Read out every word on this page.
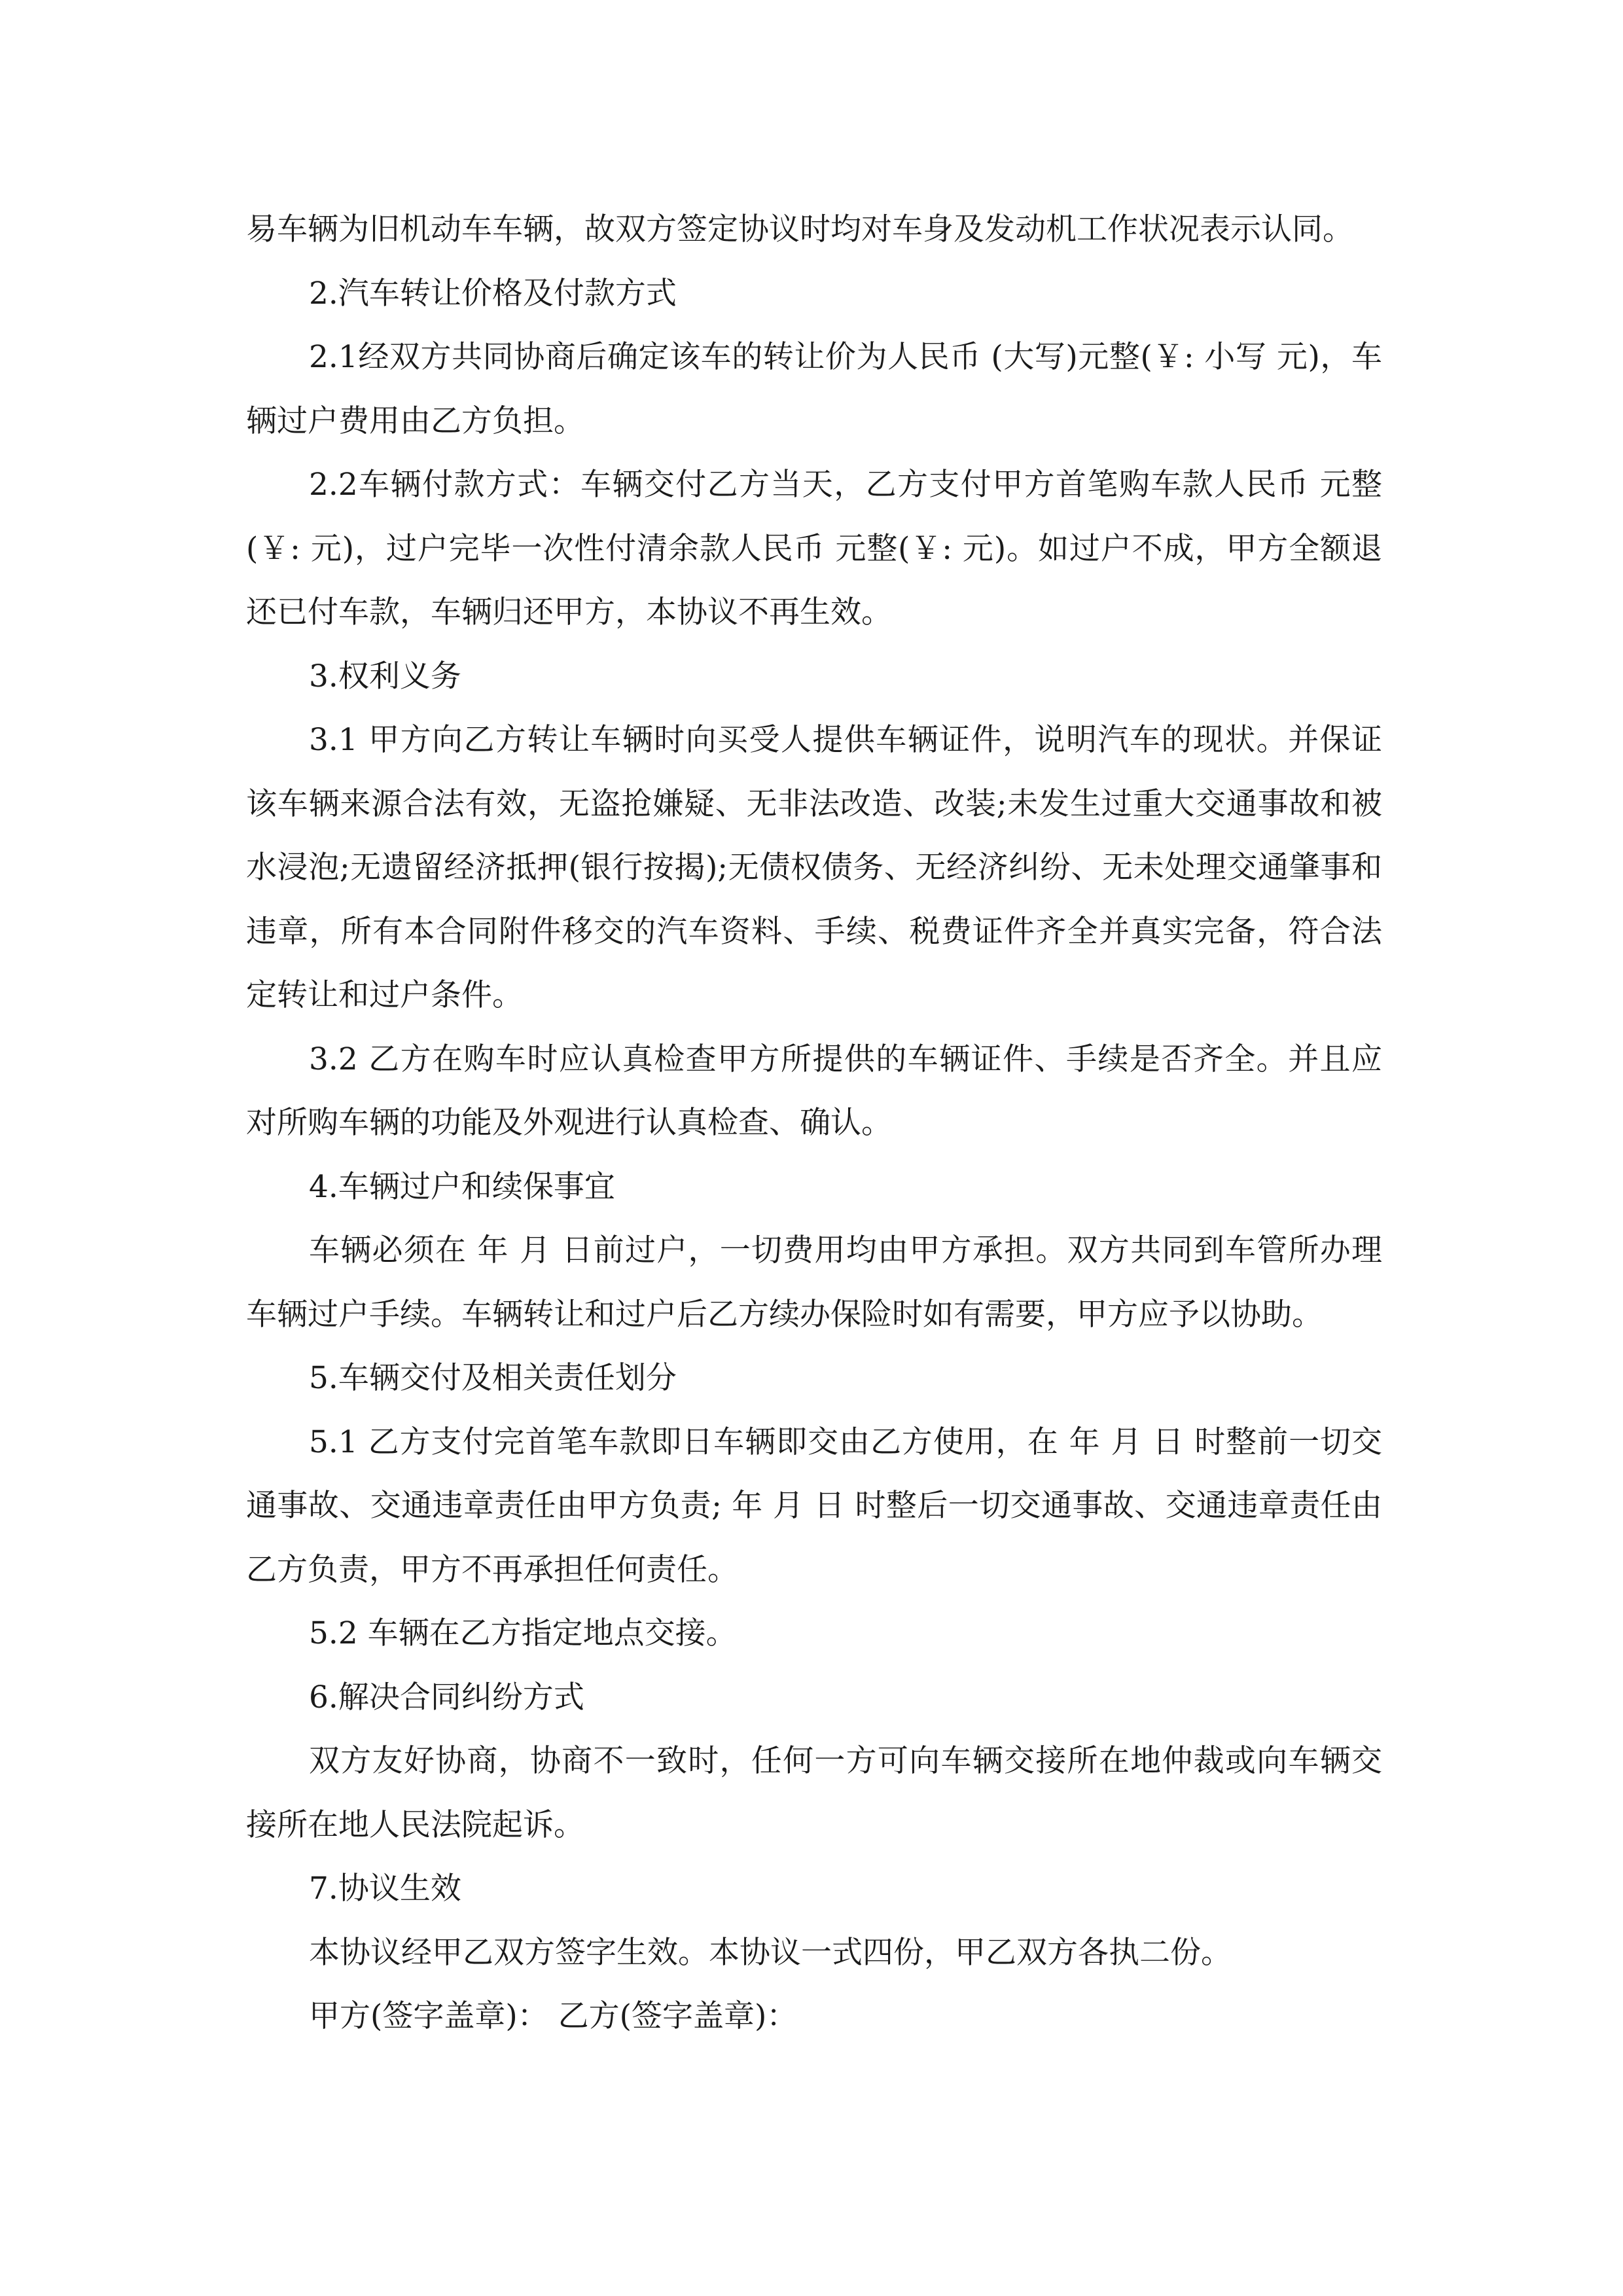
易车辆为旧机动车车辆，故双方签定协议时均对车身及发动机工作状况表示认同。

2.汽车转让价格及付款方式

2.1经双方共同协商后确定该车的转让价为人民币 (大写)元整(￥: 小写 元)，车辆过户费用由乙方负担。

2.2车辆付款方式：车辆交付乙方当天，乙方支付甲方首笔购车款人民币 元整(￥: 元)，过户完毕一次性付清余款人民币 元整(￥: 元)。如过户不成，甲方全额退还已付车款，车辆归还甲方，本协议不再生效。

3.权利义务

3.1 甲方向乙方转让车辆时向买受人提供车辆证件，说明汽车的现状。并保证该车辆来源合法有效，无盗抢嫌疑、无非法改造、改装;未发生过重大交通事故和被水浸泡;无遗留经济抵押(银行按揭);无债权债务、无经济纠纷、无未处理交通肇事和违章，所有本合同附件移交的汽车资料、手续、税费证件齐全并真实完备，符合法定转让和过户条件。

3.2 乙方在购车时应认真检查甲方所提供的车辆证件、手续是否齐全。并且应对所购车辆的功能及外观进行认真检查、确认。

4.车辆过户和续保事宜

车辆必须在 年 月 日前过户，一切费用均由甲方承担。双方共同到车管所办理车辆过户手续。车辆转让和过户后乙方续办保险时如有需要，甲方应予以协助。

5.车辆交付及相关责任划分

5.1 乙方支付完首笔车款即日车辆即交由乙方使用，在 年 月 日 时整前一切交通事故、交通违章责任由甲方负责; 年 月 日 时整后一切交通事故、交通违章责任由乙方负责，甲方不再承担任何责任。

5.2 车辆在乙方指定地点交接。

6.解决合同纠纷方式

双方友好协商，协商不一致时，任何一方可向车辆交接所在地仲裁或向车辆交接所在地人民法院起诉。

7.协议生效

本协议经甲乙双方签字生效。本协议一式四份，甲乙双方各执二份。

甲方(签字盖章)： 乙方(签字盖章)：
